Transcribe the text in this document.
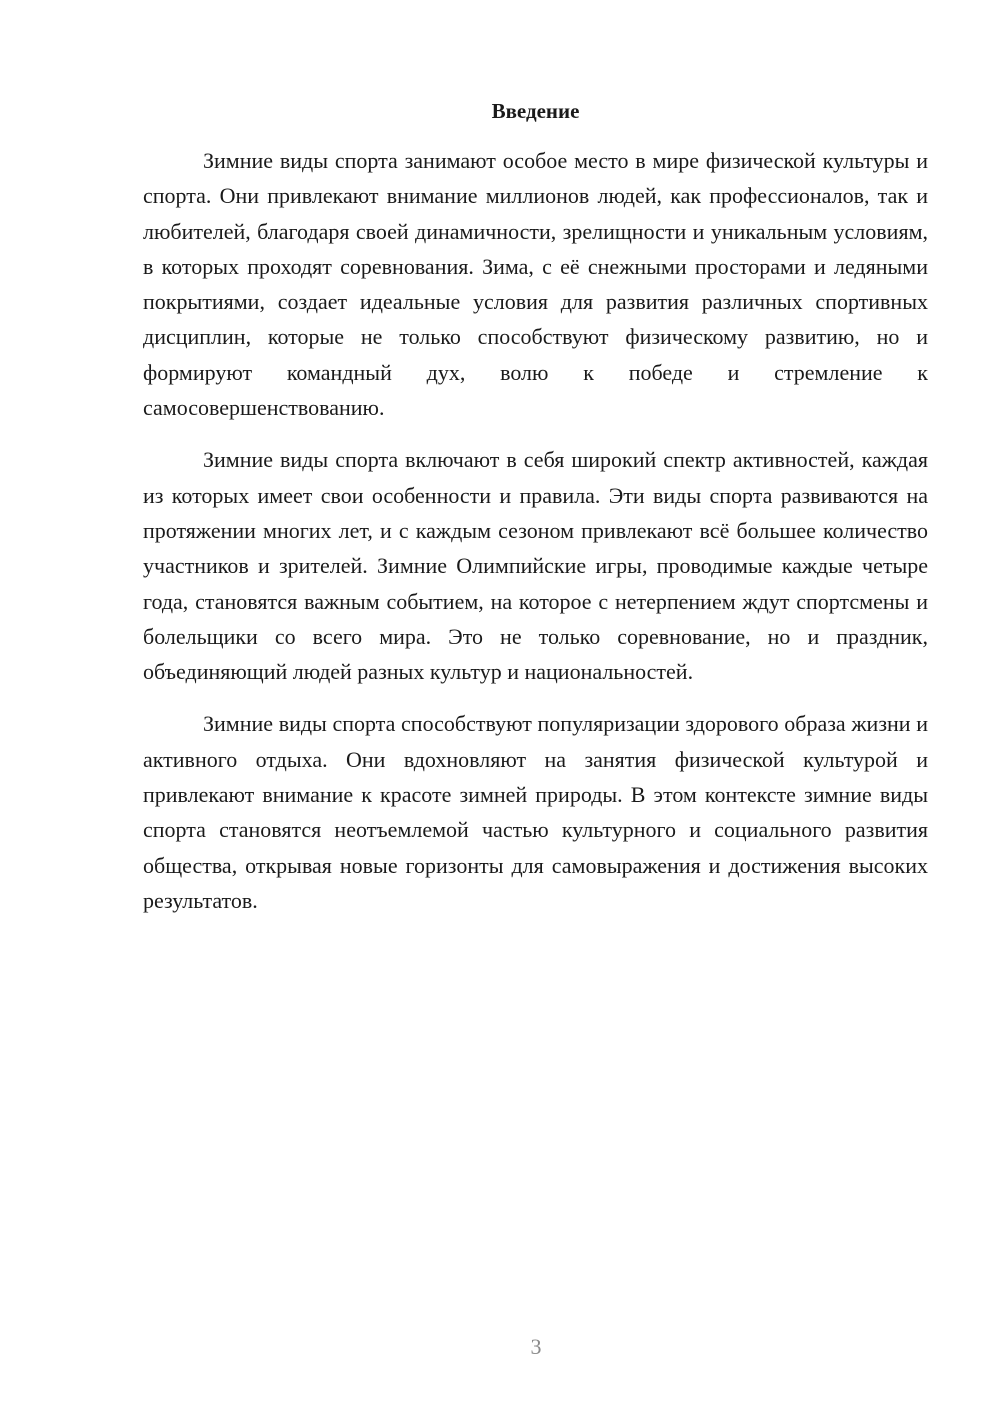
Введение

Зимние виды спорта занимают особое место в мире физической культуры и спорта. Они привлекают внимание миллионов людей, как профессионалов, так и любителей, благодаря своей динамичности, зрелищности и уникальным условиям, в которых проходят соревнования. Зима, с её снежными просторами и ледяными покрытиями, создает идеальные условия для развития различных спортивных дисциплин, которые не только способствуют физическому развитию, но и формируют командный дух, волю к победе и стремление к самосовершенствованию.

Зимние виды спорта включают в себя широкий спектр активностей, каждая из которых имеет свои особенности и правила. Эти виды спорта развиваются на протяжении многих лет, и с каждым сезоном привлекают всё большее количество участников и зрителей. Зимние Олимпийские игры, проводимые каждые четыре года, становятся важным событием, на которое с нетерпением ждут спортсмены и болельщики со всего мира. Это не только соревнование, но и праздник, объединяющий людей разных культур и национальностей.

Зимние виды спорта способствуют популяризации здорового образа жизни и активного отдыха. Они вдохновляют на занятия физической культурой и привлекают внимание к красоте зимней природы. В этом контексте зимние виды спорта становятся неотъемлемой частью культурного и социального развития общества, открывая новые горизонты для самовыражения и достижения высоких результатов.

3
